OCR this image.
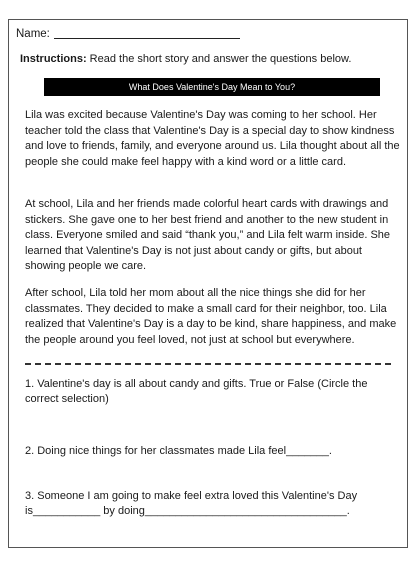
Name:
Instructions: Read the short story and answer the questions below.
What Does Valentine's Day Mean to You?

Lila was excited because Valentine's Day was coming to her school. Her teacher told the class that Valentine's Day is a special day to show kindness and love to friends, family, and everyone around us. Lila thought about all the people she could make feel happy with a kind word or a little card.

At school, Lila and her friends made colorful heart cards with drawings and stickers. She gave one to her best friend and another to the new student in class. Everyone smiled and said “thank you,” and Lila felt warm inside. She learned that Valentine's Day is not just about candy or gifts, but about showing people we care.

After school, Lila told her mom about all the nice things she did for her classmates. They decided to make a small card for their neighbor, too. Lila realized that Valentine's Day is a day to be kind, share happiness, and make the people around you feel loved, not just at school but everywhere.

1. Valentine's day is all about candy and gifts. True or False (Circle the correct selection)

2. Doing nice things for her classmates made Lila feel_______.

3. Someone I am going to make feel extra loved this Valentine's Day is___________ by doing_________________________________.
